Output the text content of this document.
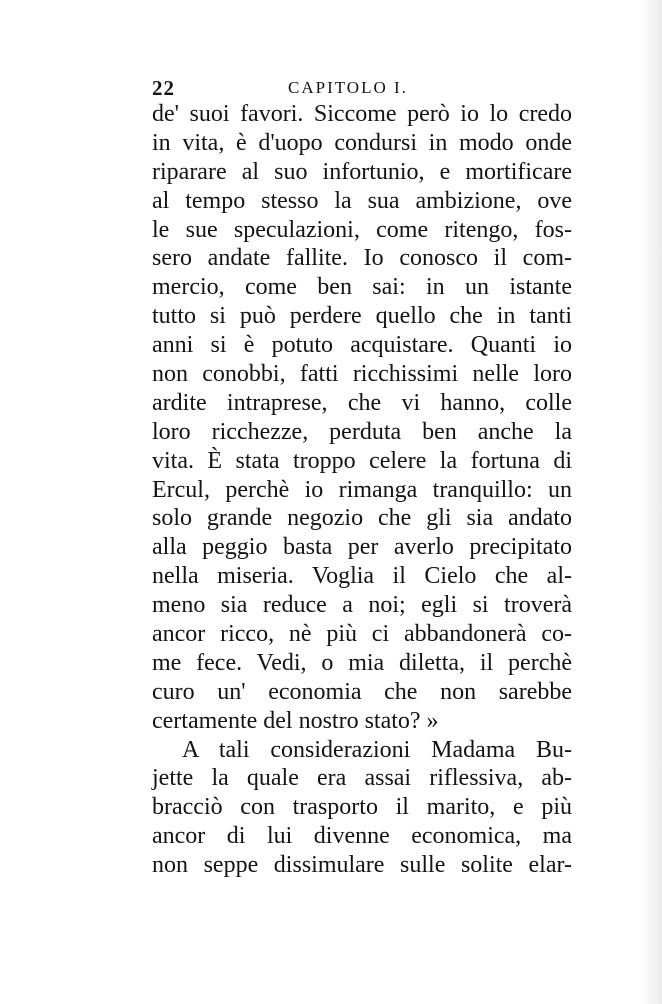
22	CAPITOLO I.
de' suoi favori. Siccome però io lo credo
in vita, è d'uopo condursi in modo onde
riparare al suo infortunio, e mortificare
al tempo stesso la sua ambizione, ove
le sue speculazioni, come ritengo, fos-
sero andate fallite. Io conosco il com-
mercio, come ben sai: in un istante
tutto si può perdere quello che in tanti
anni si è potuto acquistare. Quanti io
non conobbi, fatti ricchissimi nelle loro
ardite intraprese, che vi hanno, colle
loro ricchezze, perduta ben anche la
vita. È stata troppo celere la fortuna di
Ercul, perchè io rimanga tranquillo: un
solo grande negozio che gli sia andato
alla peggio basta per averlo precipitato
nella miseria. Voglia il Cielo che al-
meno sia reduce a noi; egli si troverà
ancor ricco, nè più ci abbandonerà co-
me fece. Vedi, o mia diletta, il perchè
curo un' economia che non sarebbe
certamente del nostro stato? »
A tali considerazioni Madama Bu-
jette la quale era assai riflessiva, ab-
bracciò con trasporto il marito, e più
ancor di lui divenne economica, ma
non seppe dissimulare sulle solite elar-
